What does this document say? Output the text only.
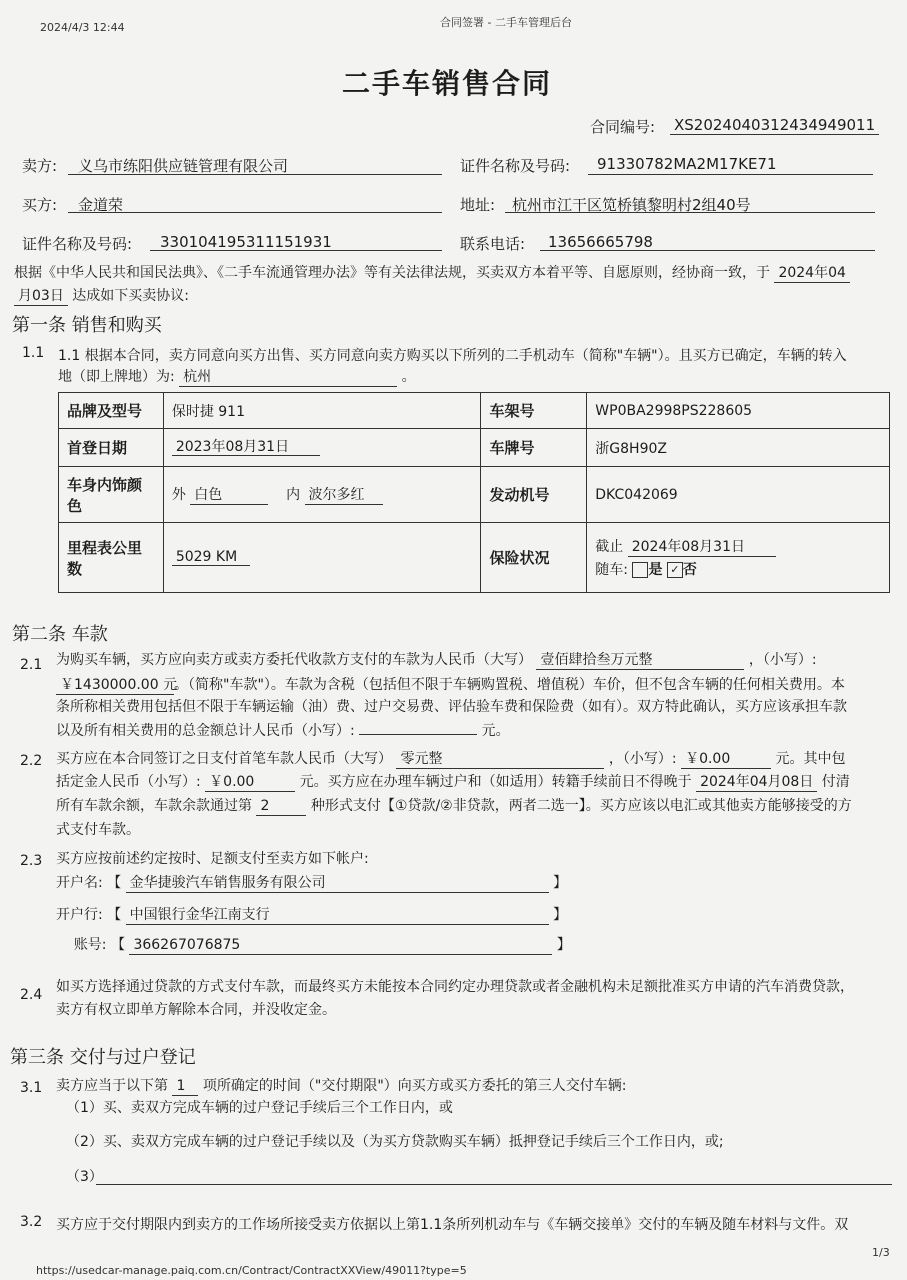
2024/4/3 12:44	合同签署 - 二手车管理后台
二手车销售合同
合同编号: XS20240403124349490​11
卖方: 义乌市练阳供应链管理有限公司	证件名称及号码: 91330782MA2M17KE71
买方: 金道荣	地址: 杭州市江干区笕桥镇黎明村2组40号
证件名称及号码: 330104195311151931	联系电话: 13656665798
根据《中华人民共和国民法典》、《二手车流通管理办法》等有关法律法规，买卖双方本着平等、自愿原则，经协商一致，于 2024年04
月03日 达成如下买卖协议:
第一条 销售和购买
1.1 1.1 根据本合同，卖方同意向买方出售、买方同意向卖方购买以下所列的二手机动车（简称"车辆"）。且买方已确定，车辆的转入
地（即上牌地）为: 杭州	。
品牌及型号	保时捷 911	车架号	WP0BA2998PS228605
首登日期	2023年08月31日	车牌号	浙G8H90Z
车身内饰颜色	外 白色 内 波尔多红	发动机号	DKC042069
里程表公里数	5029 KM	保险状况	截止 2024年08月31日
随车: 是 ✓ 否
第二条 车款
2.1 为购买车辆，买方应向卖方或卖方委托代收款方支付的车款为人民币（大写） 壹佰肆拾叁万元整	，（小写）:
￥1430000.00 元。（简称"车款"）。车款为含税（包括但不限于车辆购置税、增值税）车价，但不包含车辆的任何相关费用。本
条所称相关费用包括但不限于车辆运输（油）费、过户交易费、评估验车费和保险费（如有）。双方特此确认，买方应该承担车款
以及所有相关费用的总金额总计人民币（小写）:	元。
2.2 买方应在本合同签订之日支付首笔车款人民币（大写） 零元整	，（小写）: ￥0.00	元。其中包
括定金人民币（小写）: ￥0.00	元。买方应在办理车辆过户和（如适用）转籍手续前日不得晚于 2024年04月08日 付清
所有车款余额，车款余款通过第 2	种形式支付【①贷款/②非贷款，两者二选一】。买方应该以电汇或其他卖方能够接受的方
式支付车款。
2.3 买方应按前述约定按时、足额支付至卖方如下帐户:
开户名: 【 金华捷骏汽车销售服务有限公司	】
开户行: 【 中国银行金华江南支行	】
账号: 【 366267076875	】
2.4 如买方选择通过贷款的方式支付车款，而最终买方未能按本合同约定办理贷款或者金融机构未足额批准买方申请的汽车消费贷款，
卖方有权立即单方解除本合同，并没收定金。
第三条 交付与过户登记
3.1 卖方应当于以下第 1 项所确定的时间（"交付期限"）向买方或买方委托的第三人交付车辆:
（1）买、卖双方完成车辆的过户登记手续后三个工作日内，或
（2）买、卖双方完成车辆的过户登记手续以及（为买方贷款购买车辆）抵押登记手续后三个工作日内，或;
（3）
3.2 买方应于交付期限内到卖方的工作场所接受卖方依据以上第1.1条所列机动车与《车辆交接单》交付的车辆及随车材料与文件。双
1/3
https://usedcar-manage.paiq.com.cn/Contract/ContractXXView/49011?type=5
